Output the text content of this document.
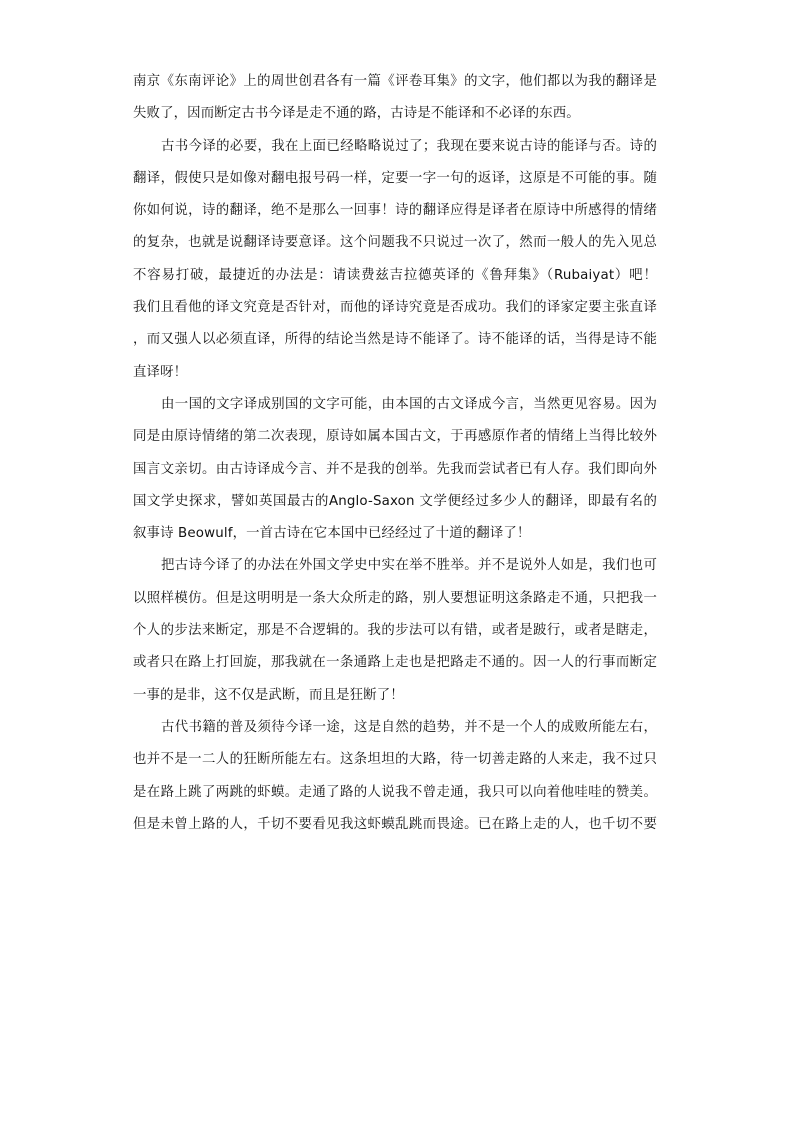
南京《东南评论》上的周世创君各有一篇《评卷耳集》的文字，他们都以为我的翻译是
失败了，因而断定古书今译是走不通的路，古诗是不能译和不必译的东西。
古书今译的必要，我在上面已经略略说过了；我现在要来说古诗的能译与否。诗的
翻译，假使只是如像对翻电报号码一样，定要一字一句的返译，这原是不可能的事。随
你如何说，诗的翻译，绝不是那么一回事！诗的翻译应得是译者在原诗中所感得的情绪
的复杂，也就是说翻译诗要意译。这个问题我不只说过一次了，然而一般人的先入见总
不容易打破，最捷近的办法是：请读费兹吉拉德英译的《鲁拜集》（Rubaiyat）吧！
我们且看他的译文究竟是否针对，而他的译诗究竟是否成功。我们的译家定要主张直译
，而又强人以必须直译，所得的结论当然是诗不能译了。诗不能译的话，当得是诗不能
直译呀！
由一国的文字译成别国的文字可能，由本国的古文译成今言，当然更见容易。因为
同是由原诗情绪的第二次表现，原诗如属本国古文，于再感原作者的情绪上当得比较外
国言文亲切。由古诗译成今言、并不是我的创举。先我而尝试者已有人存。我们即向外
国文学史探求，譬如英国最古的Anglo-Saxon 文学便经过多少人的翻译，即最有名的
叙事诗 Beowulf，一首古诗在它本国中已经经过了十道的翻译了！
把古诗今译了的办法在外国文学史中实在举不胜举。并不是说外人如是，我们也可
以照样模仿。但是这明明是一条大众所走的路，别人要想证明这条路走不通，只把我一
个人的步法来断定，那是不合逻辑的。我的步法可以有错，或者是跛行，或者是瞎走，
或者只在路上打回旋，那我就在一条通路上走也是把路走不通的。因一人的行事而断定
一事的是非，这不仅是武断，而且是狂断了！
古代书籍的普及须待今译一途，这是自然的趋势，并不是一个人的成败所能左右，
也并不是一二人的狂断所能左右。这条坦坦的大路，待一切善走路的人来走，我不过只
是在路上跳了两跳的虾蟆。走通了路的人说我不曾走通，我只可以向着他哇哇的赞美。
但是未曾上路的人，千切不要看见我这虾蟆乱跳而畏途。已在路上走的人，也千切不要
